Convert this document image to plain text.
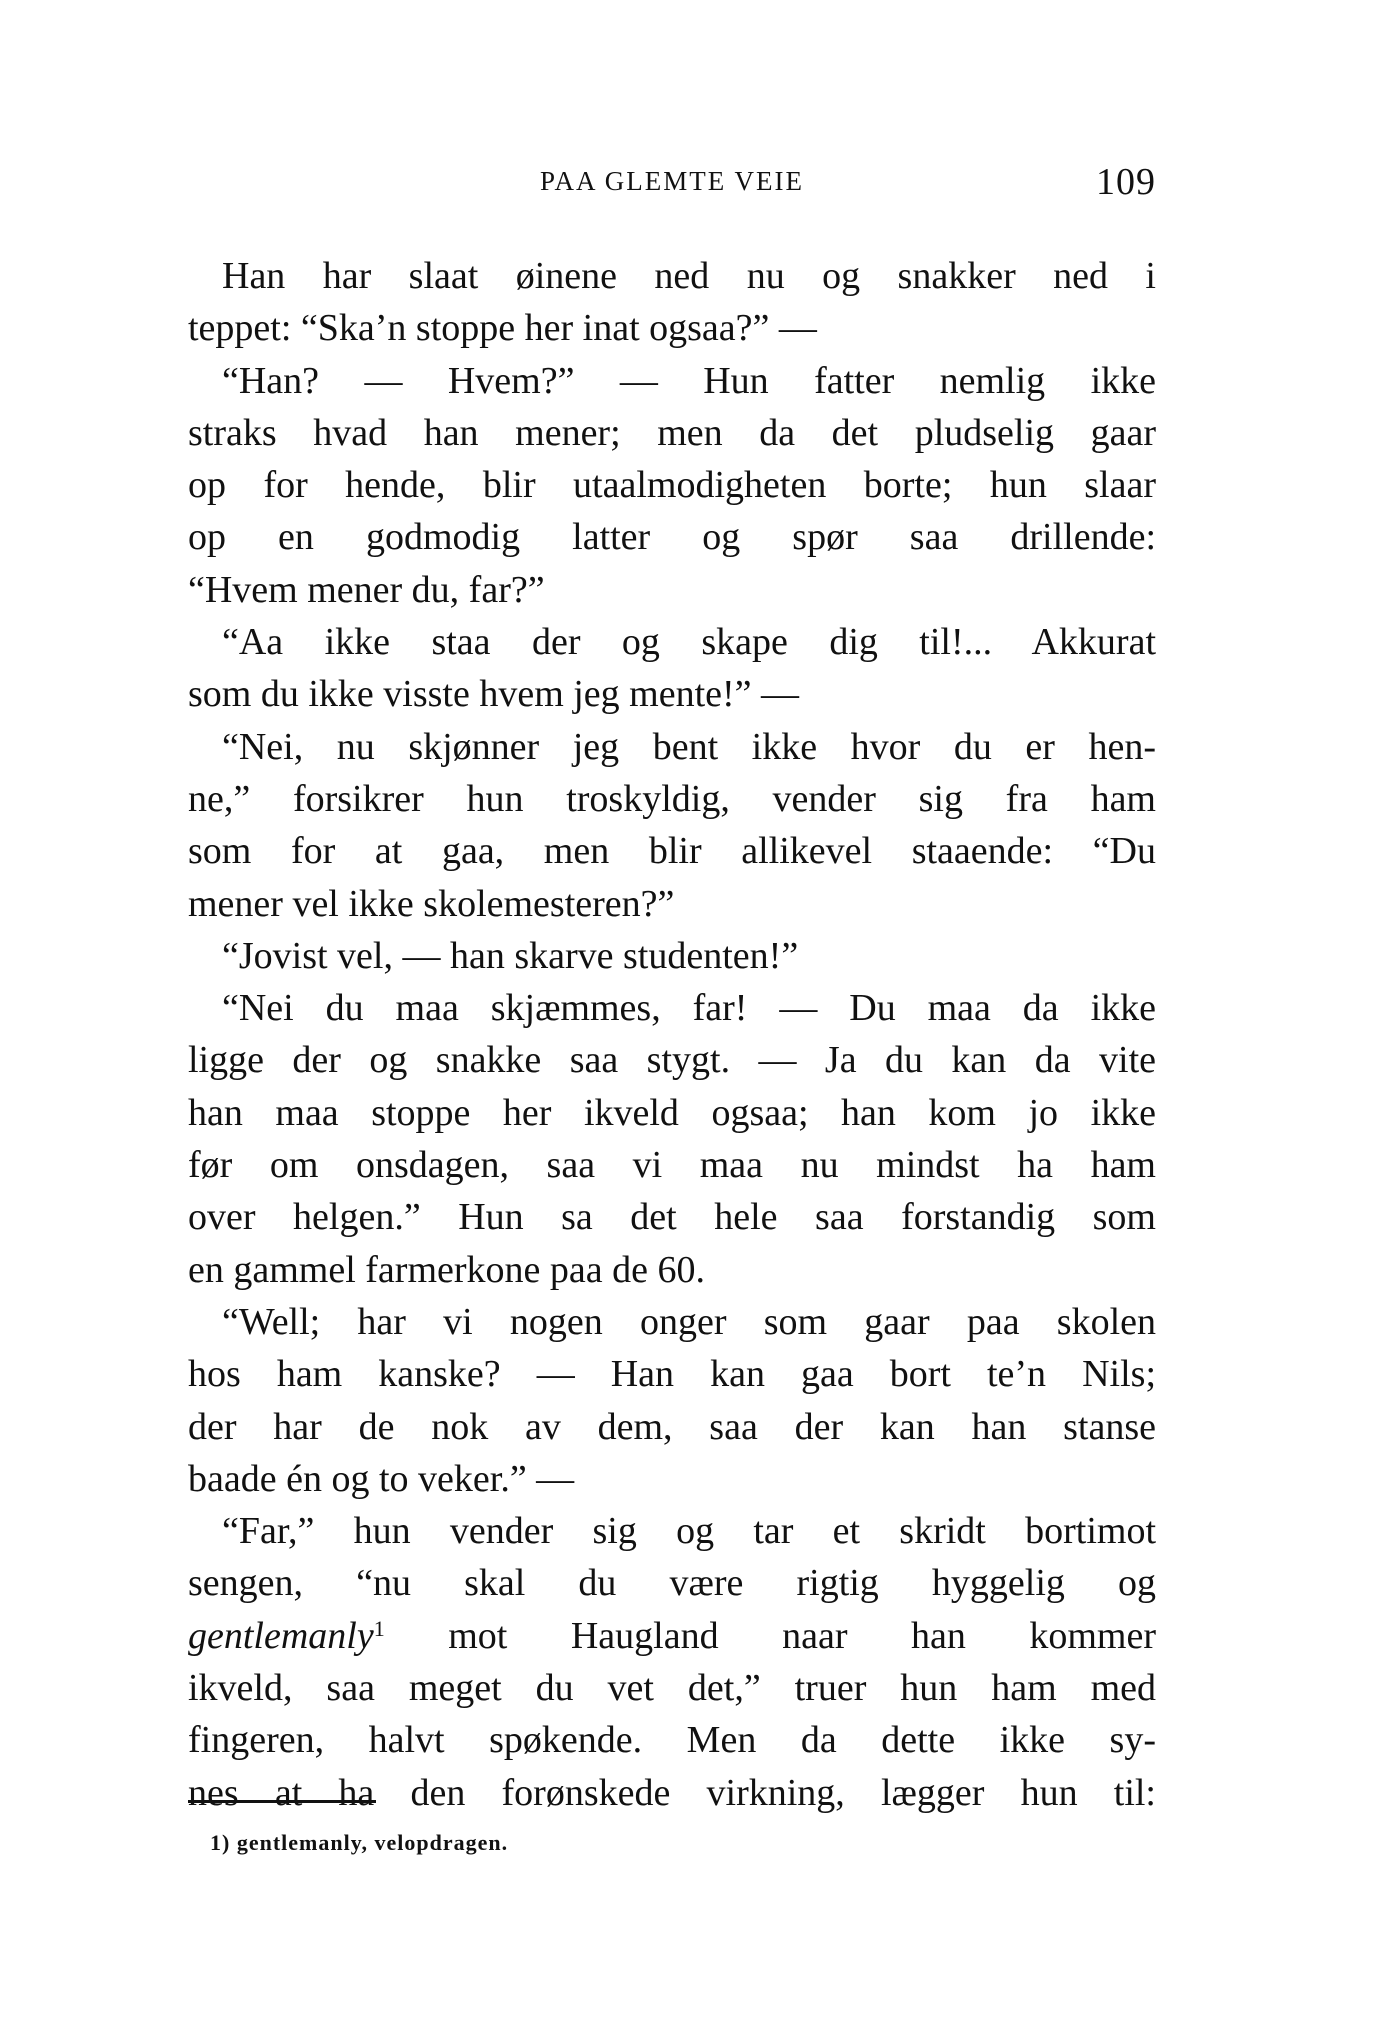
PAA GLEMTE VEIE	109
Han har slaat øinene ned nu og snakker ned i
teppet: “Ska’n stoppe her inat ogsaa?” —
“Han? — Hvem?” — Hun fatter nemlig ikke
straks hvad han mener; men da det pludselig gaar
op for hende, blir utaalmodigheten borte; hun slaar
op en godmodig latter og spør saa drillende:
“Hvem mener du, far?”
“Aa ikke staa der og skape dig til!... Akkurat
som du ikke visste hvem jeg mente!” —
“Nei, nu skjønner jeg bent ikke hvor du er hen-
ne,” forsikrer hun troskyldig, vender sig fra ham
som for at gaa, men blir allikevel staaende: “Du
mener vel ikke skolemesteren?”
“Jovist vel, — han skarve studenten!”
“Nei du maa skjæmmes, far! — Du maa da ikke
ligge der og snakke saa stygt. — Ja du kan da vite
han maa stoppe her ikveld ogsaa; han kom jo ikke
før om onsdagen, saa vi maa nu mindst ha ham
over helgen.” Hun sa det hele saa forstandig som
en gammel farmerkone paa de 60.
“Well; har vi nogen onger som gaar paa skolen
hos ham kanske? — Han kan gaa bort te’n Nils;
der har de nok av dem, saa der kan han stanse
baade én og to veker.” —
“Far,” hun vender sig og tar et skridt bortimot
sengen, “nu skal du være rigtig hyggelig og
gentlemanly$^1$ mot Haugland naar han kommer
ikveld, saa meget du vet det,” truer hun ham med
fingeren, halvt spøkende. Men da dette ikke sy-
nes at ha den forønskede virkning, lægger hun til:
1) gentlemanly, velopdragen.
